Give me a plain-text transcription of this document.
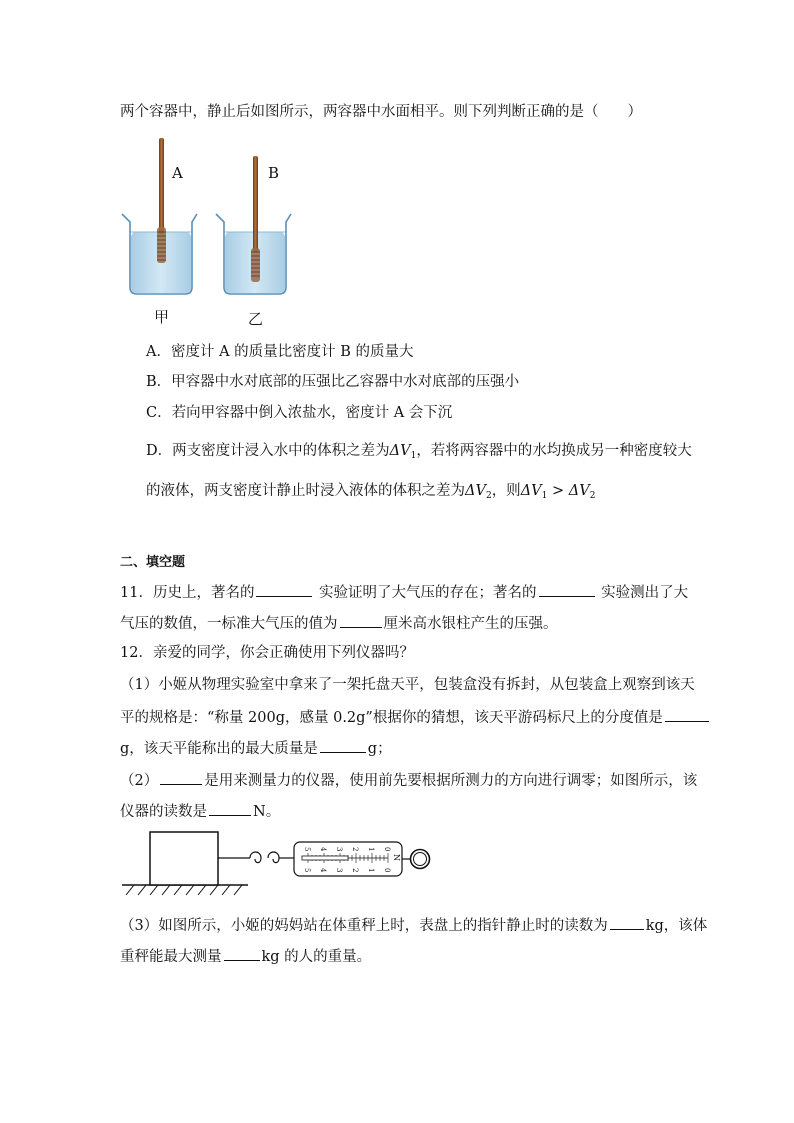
两个容器中，静止后如图所示，两容器中水面相平。则下列判断正确的是（　　）
A	B
甲	乙
A．密度计 A 的质量比密度计 B 的质量大
B．甲容器中水对底部的压强比乙容器中水对底部的压强小
C．若向甲容器中倒入浓盐水，密度计 A 会下沉
D．两支密度计浸入水中的体积之差为$\Delta V_1$，若将两容器中的水均换成另一种密度较大
的液体，两支密度计静止时浸入液体的体积之差为$\Delta V_2$，则$\Delta V_1 > \Delta V_2$
二、填空题
11．历史上，著名的	实验证明了大气压的存在；著名的	实验测出了大
气压的数值，一标准大气压的值为	厘米高水银柱产生的压强。
12．亲爱的同学，你会正确使用下列仪器吗？
（1）小姬从物理实验室中拿来了一架托盘天平，包装盒没有拆封，从包装盒上观察到该天
平的规格是：“称量 200g，感量 0.2g”根据你的猜想，该天平游码标尺上的分度值是
g，该天平能称出的最大质量是	g；
（2）	是用来测量力的仪器，使用前先要根据所测力的方向进行调零；如图所示，该
仪器的读数是	N。
0
1
2
3
4
5
0
1
2
3
4
5
N
（3）如图所示，小姬的妈妈站在体重秤上时，表盘上的指针静止时的读数为	kg，该体
重秤能最大测量	kg 的人的重量。
